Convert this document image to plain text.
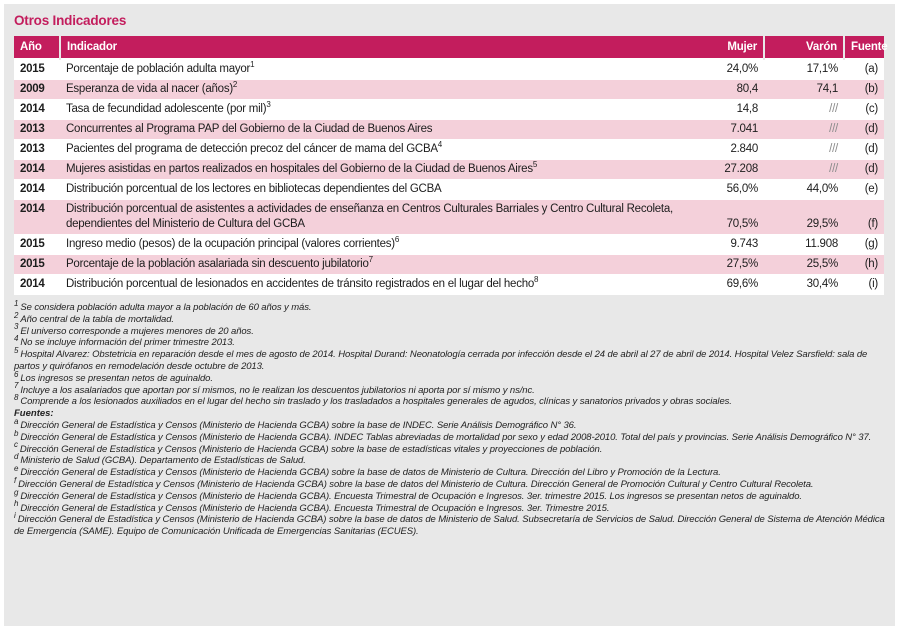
Otros Indicadores
Año	Indicador	Mujer	Varón	Fuente
2015	Porcentaje de población adulta mayor$^1$	24,0%	17,1%	(a)
2009	Esperanza de vida al nacer (años)$^2$	80,4	74,1	(b)
2014	Tasa de fecundidad adolescente (por mil)$^3$	14,8	///	(c)
2013	Concurrentes al Programa PAP del Gobierno de la Ciudad de Buenos Aires	7.041	///	(d)
2013	Pacientes del programa de detección precoz del cáncer de mama del GCBA$^4$	2.840	///	(d)
2014	Mujeres asistidas en partos realizados en hospitales del Gobierno de la Ciudad de Buenos Aires$^5$	27.208	///	(d)
2014	Distribución porcentual de los lectores en bibliotecas dependientes del GCBA	56,0%	44,0%	(e)
2014	Distribución porcentual de asistentes a actividades de enseñanza en Centros Culturales Barriales y Centro Cultural Recoleta, dependientes del Ministerio de Cultura del GCBA	70,5%	29,5%	(f)
2015	Ingreso medio (pesos) de la ocupación principal (valores corrientes)$^6$	9.743	11.908	(g)
2015	Porcentaje de la población asalariada sin descuento jubilatorio$^7$	27,5%	25,5%	(h)
2014	Distribución porcentual de lesionados en accidentes de tránsito registrados en el lugar del hecho$^8$	69,6%	30,4%	(i)
$^1$ Se considera población adulta mayor a la población de 60 años y más.
$^2$ Año central de la tabla de mortalidad.
$^3$ El universo corresponde a mujeres menores de 20 años.
$^4$ No se incluye información del primer trimestre 2013.
$^5$ Hospital Alvarez: Obstetricia en reparación desde el mes de agosto de 2014. Hospital Durand: Neonatología cerrada por infección desde el 24 de abril al 27 de abril de 2014. Hospital Velez Sarsfield: sala de partos y quirófanos en remodelación desde octubre de 2013.
$^6$ Los ingresos se presentan netos de aguinaldo.
$^7$ Incluye a los asalariados que aportan por sí mismos, no le realizan los descuentos jubilatorios ni aporta por sí mismo y ns/nc.
$^8$ Comprende a los lesionados auxiliados en el lugar del hecho sin traslado y los trasladados a hospitales generales de agudos, clínicas y sanatorios privados y obras sociales.
Fuentes:
$^a$ Dirección General de Estadística y Censos (Ministerio de Hacienda GCBA) sobre la base de INDEC. Serie Análisis Demográfico N° 36.
$^b$ Dirección General de Estadística y Censos (Ministerio de Hacienda GCBA). INDEC Tablas abreviadas de mortalidad por sexo y edad 2008-2010. Total del país y provincias. Serie Análisis Demográfico N° 37.
$^c$ Dirección General de Estadística y Censos (Ministerio de Hacienda GCBA) sobre la base de estadísticas vitales y proyecciones de población.
$^d$ Ministerio de Salud (GCBA). Departamento de Estadísticas de Salud.
$^e$ Dirección General de Estadística y Censos (Ministerio de Hacienda GCBA) sobre la base de datos de Ministerio de Cultura. Dirección del Libro y Promoción de la Lectura.
$^f$ Dirección General de Estadística y Censos (Ministerio de Hacienda GCBA) sobre la base de datos del Ministerio de Cultura. Dirección General de Promoción Cultural y Centro Cultural Recoleta.
$^g$ Dirección General de Estadística y Censos (Ministerio de Hacienda GCBA). Encuesta Trimestral de Ocupación e Ingresos. 3er. trimestre 2015. Los ingresos se presentan netos de aguinaldo.
$^h$ Dirección General de Estadística y Censos (Ministerio de Hacienda GCBA). Encuesta Trimestral de Ocupación e Ingresos. 3er. Trimestre 2015.
$^i$ Dirección General de Estadística y Censos (Ministerio de Hacienda GCBA) sobre la base de datos de Ministerio de Salud. Subsecretaría de Servicios de Salud. Dirección General de Sistema de Atención Médica de Emergencia (SAME). Equipo de Comunicación Unificada de Emergencias Sanitarias (ECUES).
